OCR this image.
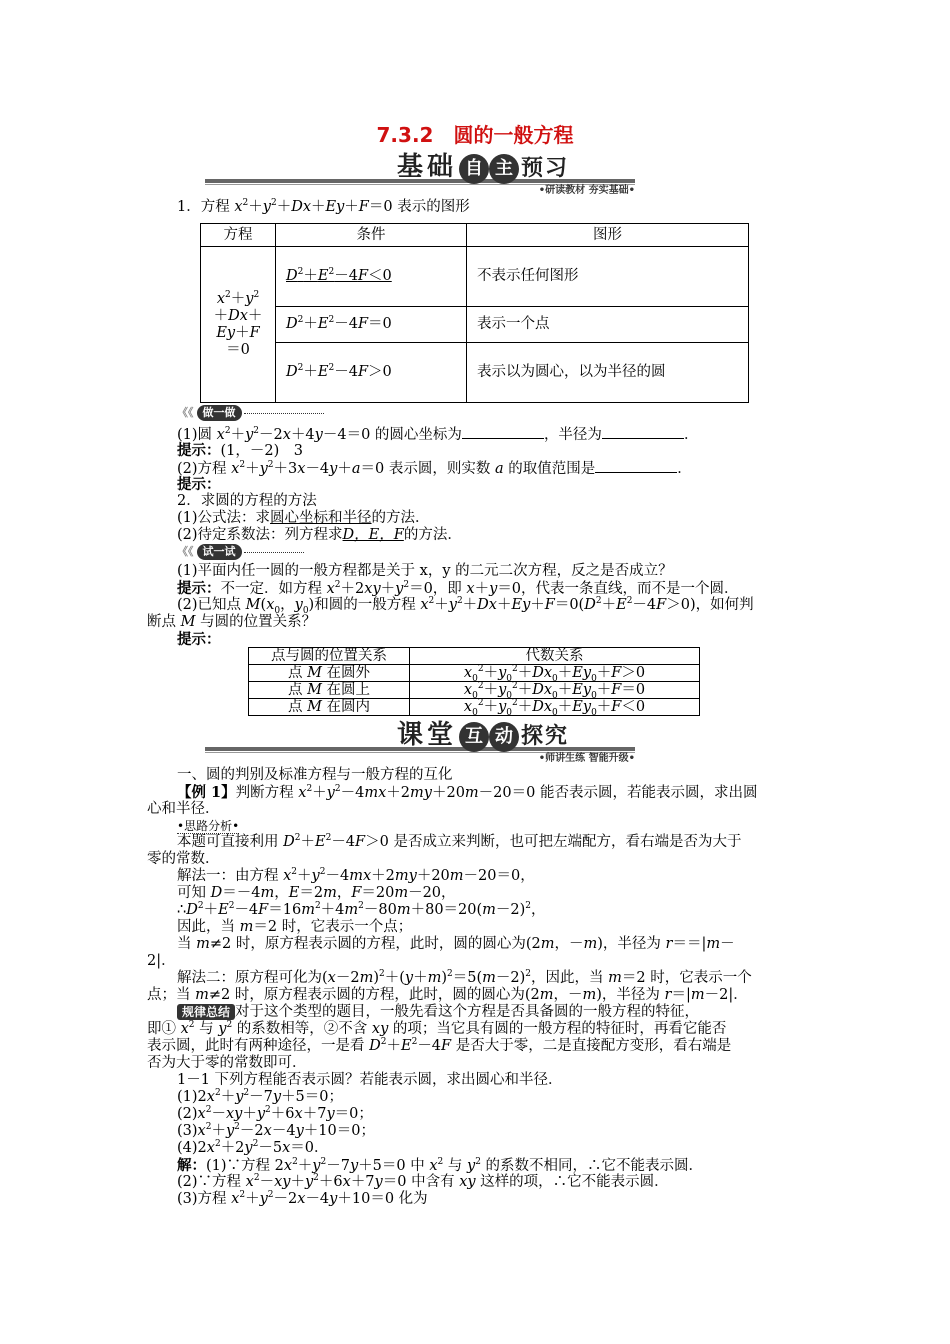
7.3.2　圆的一般方程
基 础 自 主 预 习
•研读教材 夯实基础•
1．方程 $x^2+y^2+Dx+Ey+F=0$ 表示的图形
方程	条件	图形
$x^2+y^2$
＋Dx＋
Ey＋F
＝0	$D^2+E^2-4F<0$	不表示任何图形
	$D^2+E^2-4F=0$	表示一个点
	$D^2+E^2-4F>0$	表示以为圆心，以为半径的圆
《《 做一做
(1)圆 $x^2+y^2-2x+4y-4=0$ 的圆心坐标为	，半径为	．
提示：(1，－2)　3
(2)方程 $x^2+y^2+3x-4y+a=0$ 表示圆，则实数 a 的取值范围是	．
提示：
2．求圆的方程的方法
(1)公式法：求圆心坐标和半径的方法．
(2)待定系数法：列方程求D，E，F的方法．
《《 试一试
(1)平面内任一圆的一般方程都是关于 x，y 的二元二次方程，反之是否成立？
提示：不一定．如方程 $x^2+2xy+y^2=0$，即 x＋y＝0，代表一条直线，而不是一个圆．
(2)已知点 $M(x_0$，$y_0$)和圆的一般方程 $x^2+y^2+Dx+Ey+F=0(D^2+E^2-4F>0)$，如何判
断点 M 与圆的位置关系？
提示：
点与圆的位置关系	代数关系
点 M 在圆外	$x_0^2+y_0^2+Dx_0+Ey_0+F>0$
点 M 在圆上	$x_0^2+y_0^2+Dx_0+Ey_0+F=0$
点 M 在圆内	$x_0^2+y_0^2+Dx_0+Ey_0+F<0$
课 堂 互 动 探 究
•师讲生练 智能升级•
一、圆的判别及标准方程与一般方程的互化
【例 1】判断方程 $x^2+y^2-4mx+2my+20m-20=0$ 能否表示圆，若能表示圆，求出圆
心和半径．
•思路分析•
本题可直接利用 $D^2+E^2-4F>0$ 是否成立来判断，也可把左端配方，看右端是否为大于
零的常数．
解法一：由方程 $x^2+y^2-4mx+2my+20m-20=0$，
可知 D＝－4m，E＝2m，F＝20m－20，
$\therefore D^2+E^2-4F=16m^2+4m^2-80m+80=20(m-2)^2$，
因此，当 m＝2 时，它表示一个点；
当 m≠2 时，原方程表示圆的方程，此时，圆的圆心为(2m，－m)，半径为 r＝＝|m－
2|．
解法二：原方程可化为$(x-2m)^2+(y+m)^2=5(m-2)^2$，因此，当 m＝2 时，它表示一个
点；当 m≠2 时，原方程表示圆的方程，此时，圆的圆心为(2m，－m)，半径为 r＝|m－2|．
规律总结 对于这个类型的题目，一般先看这个方程是否具备圆的一般方程的特征，
即① $x^2$ 与 $y^2$ 的系数相等，②不含 xy 的项；当它具有圆的一般方程的特征时，再看它能否
表示圆，此时有两种途径，一是看 $D^2+E^2-4F$ 是否大于零，二是直接配方变形，看右端是
否为大于零的常数即可．
1－1 下列方程能否表示圆？若能表示圆，求出圆心和半径．
$(1)2x^2+y^2-7y+5=0$；
$(2)x^2-xy+y^2+6x+7y=0$；
$(3)x^2+y^2-2x-4y+10=0$；
$(4)2x^2+2y^2-5x=0$．
解：(1)∵方程 $2x^2+y^2-7y+5=0$ 中 $x^2$ 与 $y^2$ 的系数不相同，∴它不能表示圆．
(2)∵方程 $x^2-xy+y^2+6x+7y=0$ 中含有 xy 这样的项，∴它不能表示圆．
(3)方程 $x^2+y^2-2x-4y+10=0$ 化为
